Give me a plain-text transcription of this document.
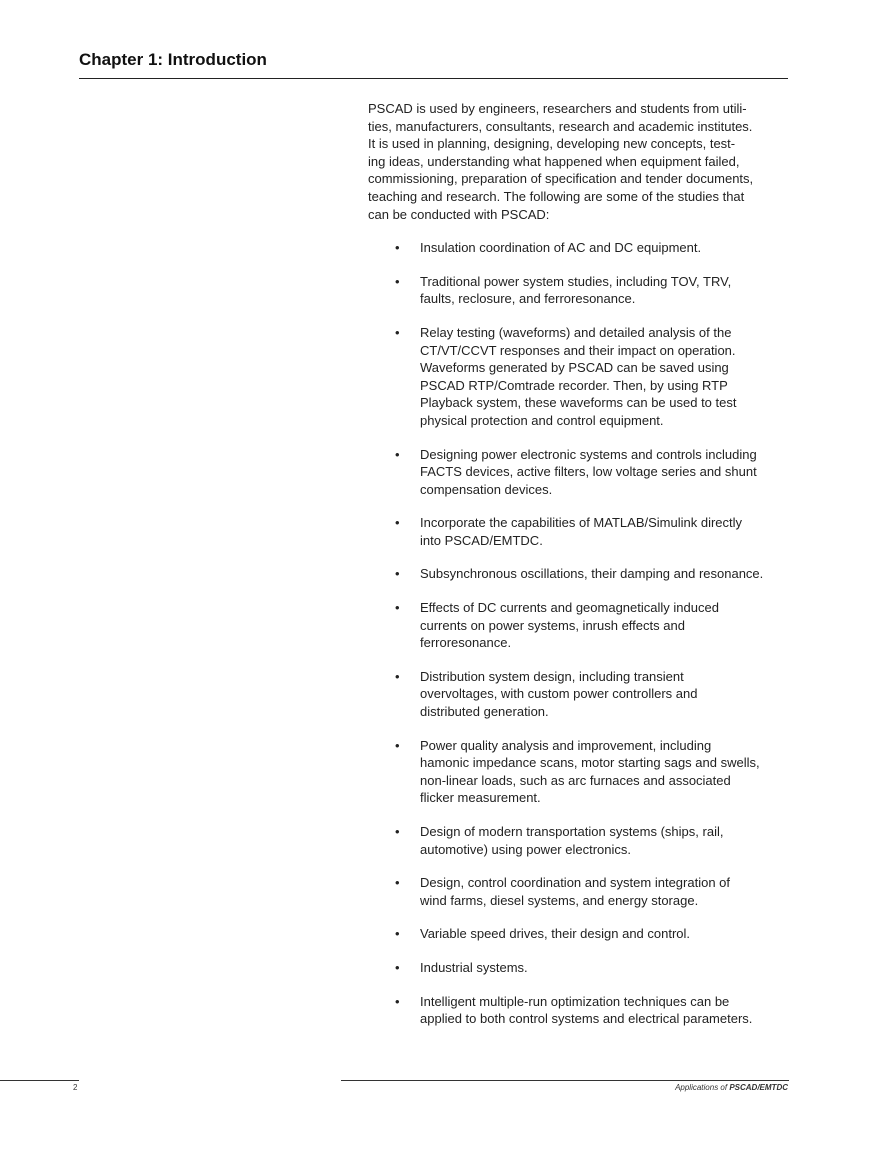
Chapter 1: Introduction

PSCAD is used by engineers, researchers and students from utili-
ties, manufacturers, consultants, research and academic institutes.
It is used in planning, designing, developing new concepts, test-
ing ideas, understanding what happened when equipment failed,
commissioning, preparation of specification and tender documents,
teaching and research. The following are some of the studies that
can be conducted with PSCAD:

• Insulation coordination of AC and DC equipment.
• Traditional power system studies, including TOV, TRV,
faults, reclosure, and ferroresonance.
• Relay testing (waveforms) and detailed analysis of the
CT/VT/CCVT responses and their impact on operation.
Waveforms generated by PSCAD can be saved using
PSCAD RTP/Comtrade recorder. Then, by using RTP
Playback system, these waveforms can be used to test
physical protection and control equipment.
• Designing power electronic systems and controls including
FACTS devices, active filters, low voltage series and shunt
compensation devices.
• Incorporate the capabilities of MATLAB/Simulink directly
into PSCAD/EMTDC.
• Subsynchronous oscillations, their damping and resonance.
• Effects of DC currents and geomagnetically induced
currents on power systems, inrush effects and
ferroresonance.
• Distribution system design, including transient
overvoltages, with custom power controllers and
distributed generation.
• Power quality analysis and improvement, including
hamonic impedance scans, motor starting sags and swells,
non-linear loads, such as arc furnaces and associated
flicker measurement.
• Design of modern transportation systems (ships, rail,
automotive) using power electronics.
• Design, control coordination and system integration of
wind farms, diesel systems, and energy storage.
• Variable speed drives, their design and control.
• Industrial systems.
• Intelligent multiple-run optimization techniques can be
applied to both control systems and electrical parameters.
2	Applications of PSCAD/EMTDC
